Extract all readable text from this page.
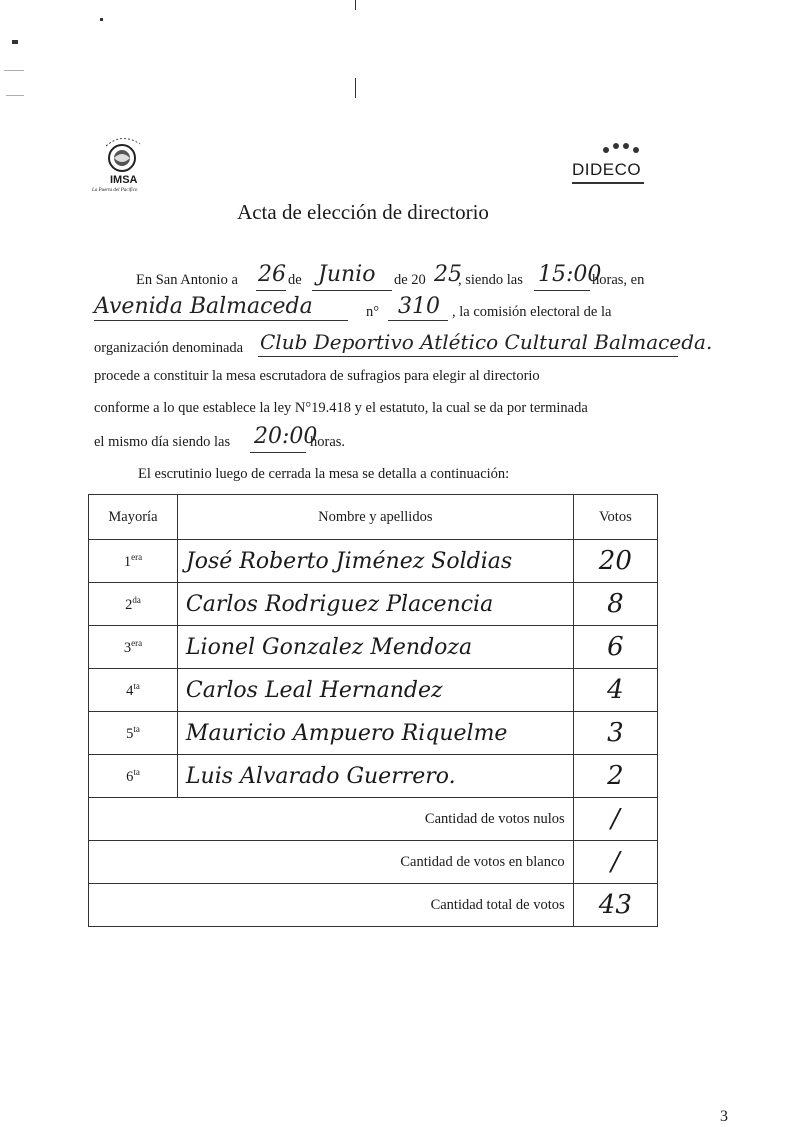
IMSA
La Puerta del Pacífico
DIDECO
Acta de elección de directorio
En San Antonio a 26 de Junio de 20 25
, siendo las 15:00
horas, en
Avenida Balmaceda	n° 310 , la comisión electoral de la
organización denominada Club Deportivo Atlético Cultural Balmaceda.
procede a constituir la mesa escrutadora de sufragios para elegir al directorio
conforme a lo que establece la ley N°19.418 y el estatuto, la cual se da por terminada
el mismo día siendo las 20:00
horas.
El escrutinio luego de cerrada la mesa se detalla a continuación:
Mayoría	Nombre y apellidos	Votos
$1^{era}$	José Roberto Jiménez Soldias	20
$2^{da}$	Carlos Rodriguez Placencia	8
$3^{era}$	Lionel Gonzalez Mendoza	6
$4^{ta}$	Carlos Leal Hernandez	4
$5^{ta}$	Mauricio Ampuero Riquelme	3
$6^{ta}$	Luis Alvarado Guerrero.	2
Cantidad de votos nulos		/
Cantidad de votos en blanco		/
Cantidad total de votos		43
3
